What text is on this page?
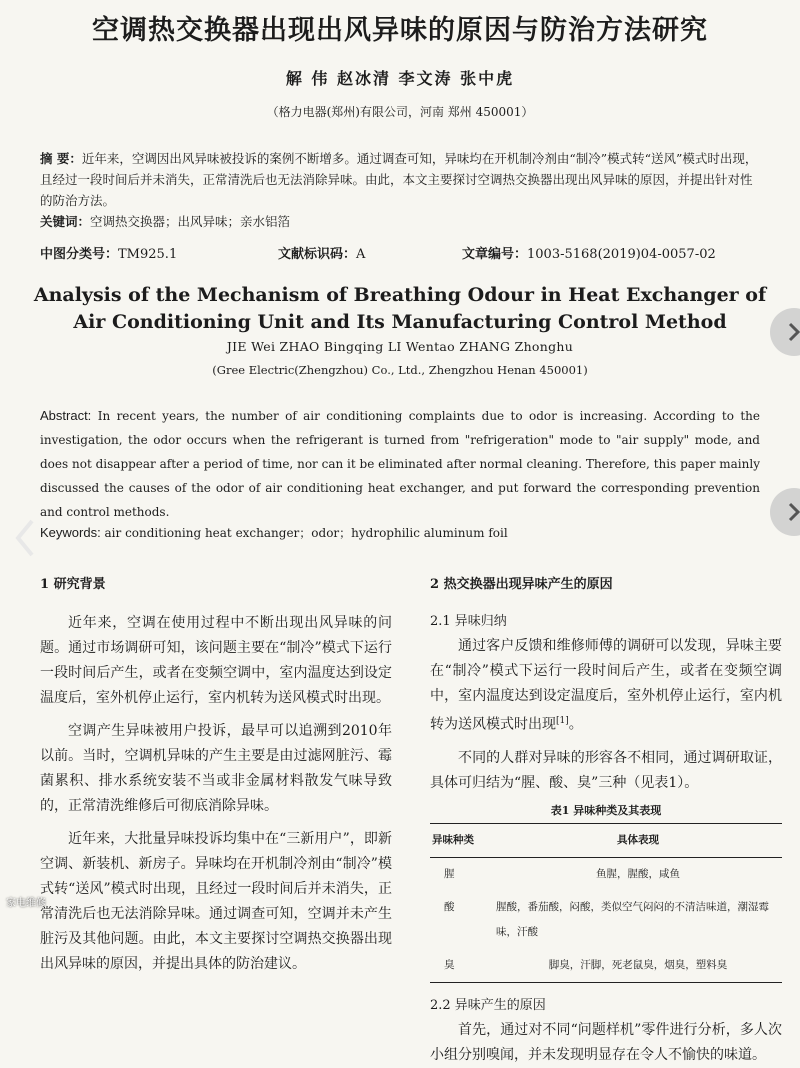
空调热交换器出现出风异味的原因与防治方法研究
解 伟 赵冰清 李文涛 张中虎
（格力电器(郑州)有限公司，河南 郑州 450001）
摘 要：近年来，空调因出风异味被投诉的案例不断增多。通过调查可知，异味均在开机制冷剂由“制冷”模式转“送风”模式时出现，且经过一段时间后并未消失，正常清洗后也无法消除异味。由此，本文主要探讨空调热交换器出现出风异味的原因，并提出针对性的防治方法。
关键词：空调热交换器；出风异味；亲水铝箔
中图分类号：TM925.1	文献标识码：A	文章编号：1003-5168(2019)04-0057-02
Analysis of the Mechanism of Breathing Odour in Heat Exchanger of
Air Conditioning Unit and Its Manufacturing Control Method
JIE Wei ZHAO Bingqing LI Wentao ZHANG Zhonghu
(Gree Electric(Zhengzhou) Co., Ltd., Zhengzhou Henan 450001)
Abstract: In recent years, the number of air conditioning complaints due to odor is increasing. According to the investigation, the odor occurs when the refrigerant is turned from "refrigeration" mode to "air supply" mode, and does not disappear after a period of time, nor can it be eliminated after normal cleaning. Therefore, this paper mainly discussed the causes of the odor of air conditioning heat exchanger, and put forward the corresponding prevention and control methods.
Keywords: air conditioning heat exchanger；odor；hydrophilic aluminum foil
1 研究背景

近年来，空调在使用过程中不断出现出风异味的问题。通过市场调研可知，该问题主要在“制冷”模式下运行一段时间后产生，或者在变频空调中，室内温度达到设定温度后，室外机停止运行，室内机转为送风模式时出现。

空调产生异味被用户投诉，最早可以追溯到2010年以前。当时，空调机异味的产生主要是由过滤网脏污、霉菌累积、排水系统安装不当或非金属材料散发气味导致的，正常清洗维修后可彻底消除异味。

近年来，大批量异味投诉均集中在“三新用户”，即新空调、新装机、新房子。异味均在开机制冷剂由“制冷”模式转“送风”模式时出现，且经过一段时间后并未消失，正常清洗后也无法消除异味。通过调查可知，空调并未产生脏污及其他问题。由此，本文主要探讨空调热交换器出现出风异味的原因，并提出具体的防治建议。

2 热交换器出现异味产生的原因
2.1 异味归纳

通过客户反馈和维修师傅的调研可以发现，异味主要在“制冷”模式下运行一段时间后产生，或者在变频空调中，室内温度达到设定温度后，室外机停止运行，室内机转为送风模式时出现[1]。

不同的人群对异味的形容各不相同，通过调研取证，具体可归结为“腥、酸、臭”三种（见表1）。

表1 异味种类及其表现
异味种类	具体表现
腥	鱼腥，腥酸，咸鱼
酸	腥酸，番茄酸，闷酸，类似空气闷闷的不清洁味道，潮湿霉味，汗酸
臭	脚臭，汗脚，死老鼠臭，烟臭，塑料臭
2.2 异味产生的原因

首先，通过对不同“问题样机”零件进行分析，多人次小组分别嗅闻，并未发现明显存在令人不愉快的味道。

家电维修
